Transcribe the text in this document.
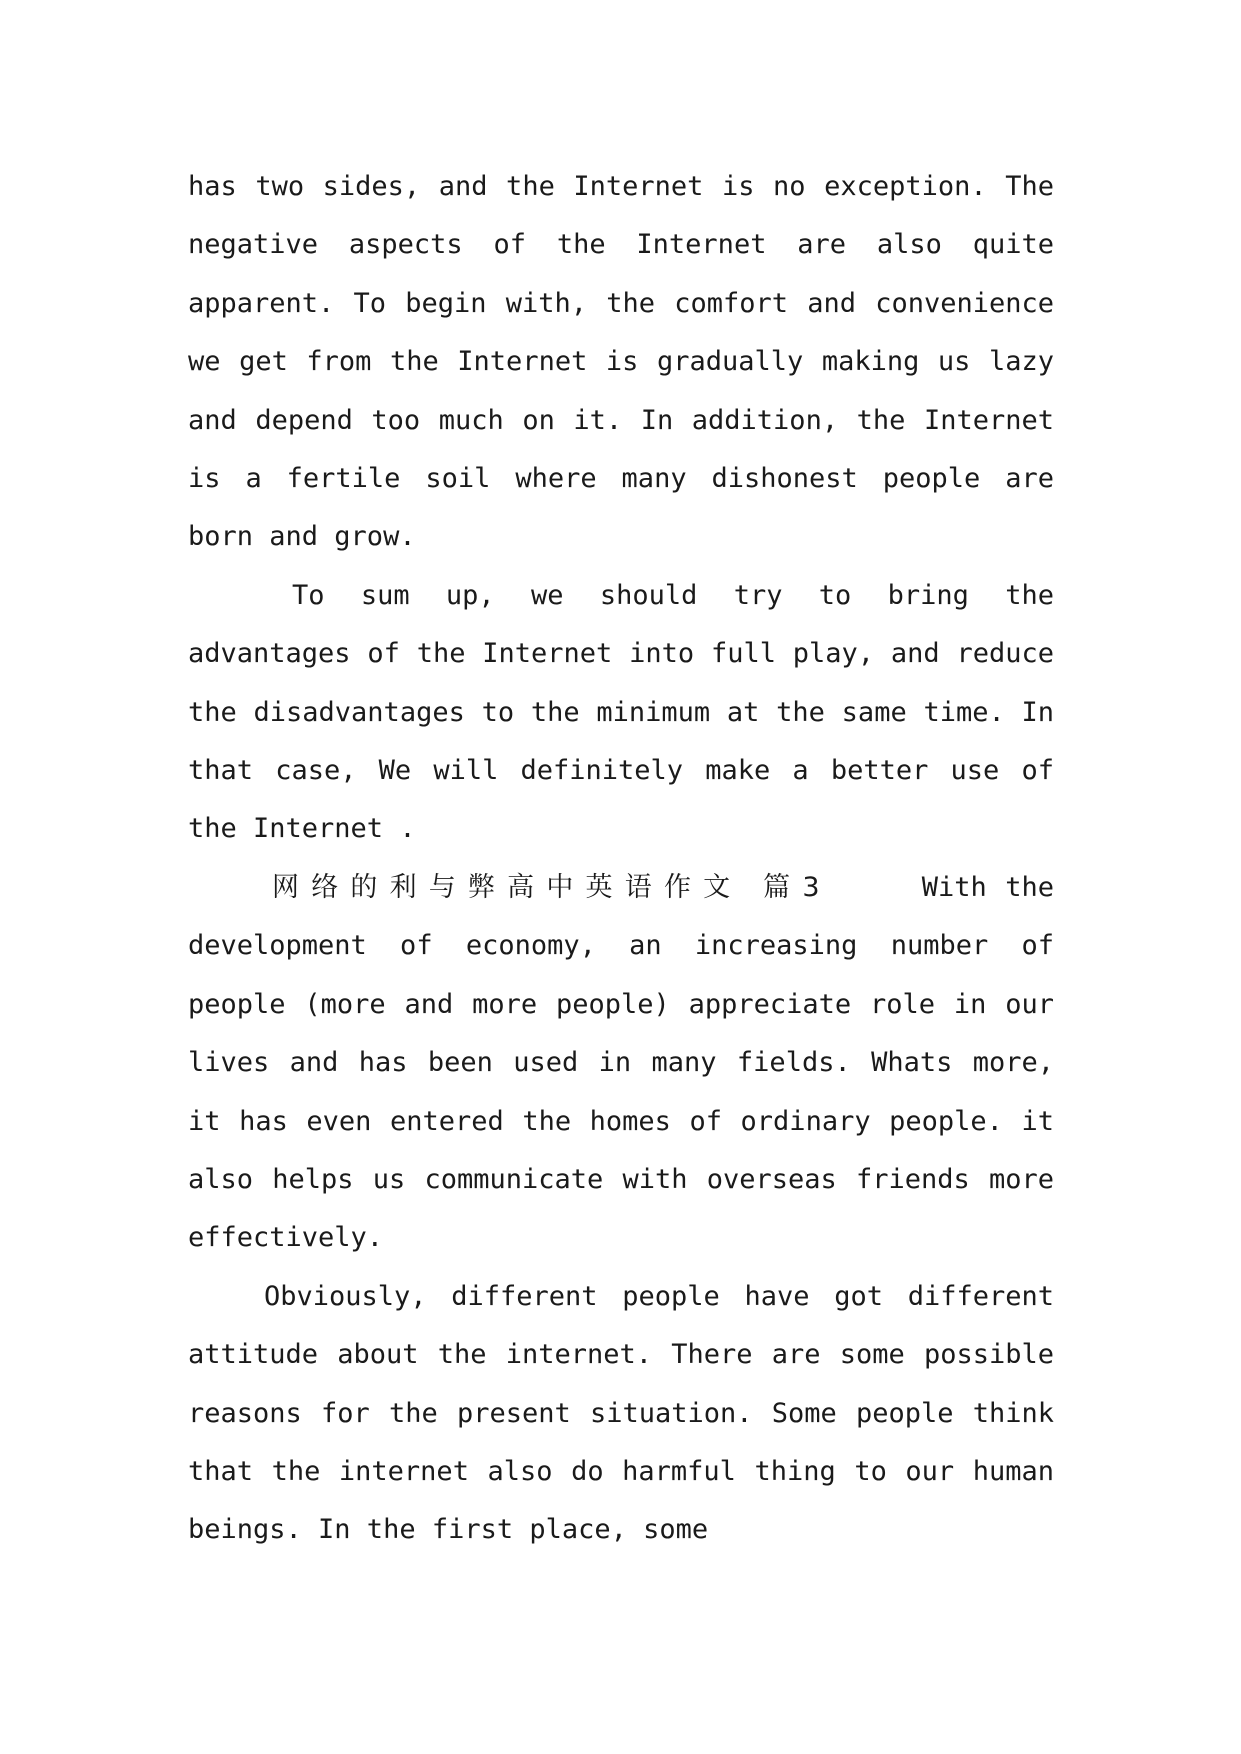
has two sides, and the Internet is no exception. The negative aspects of the Internet are also quite apparent. To begin with, the comfort and convenience we get from the Internet is gradually making us lazy and depend too much on it. In addition, the Internet is a fertile soil where many dishonest people are born and grow.

To sum up, we should try to bring the advantages of the Internet into full play, and reduce the disadvantages to the minimum at the same time. In that case, We will definitely make a better use of the Internet .

网络的利与弊高中英语作文 篇3	With the development of economy, an increasing number of people (more and more people) appreciate role in our lives and has been used in many fields. Whats more, it has even entered the homes of ordinary people. it also helps us communicate with overseas friends more effectively.

Obviously, different people have got different attitude about the internet. There are some possible reasons for the present situation. Some people think that the internet also do harmful thing to our human beings. In the first place, some
